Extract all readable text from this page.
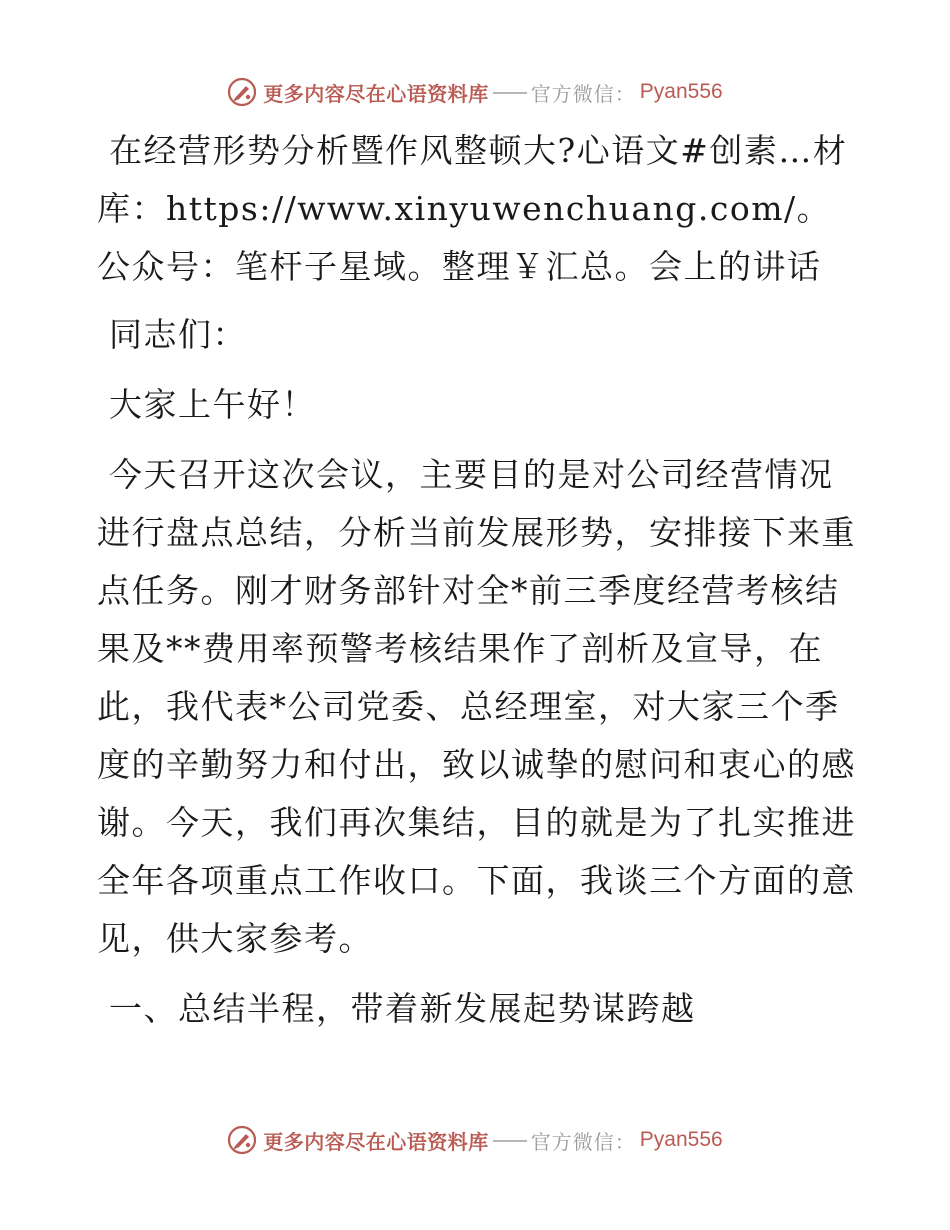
更多内容尽在心语资料库 官方微信： Pyan556

在经营形势分析暨作风整顿大?心语文#创素…材库：https://www.xinyuwenchuang.com/。公众号：笔杆子星域。整理￥汇总。会上的讲话

同志们：

大家上午好！

今天召开这次会议，主要目的是对公司经营情况进行盘点总结，分析当前发展形势，安排接下来重点任务。刚才财务部针对全*前三季度经营考核结果及**费用率预警考核结果作了剖析及宣导，在此，我代表*公司党委、总经理室，对大家三个季度的辛勤努力和付出，致以诚挚的慰问和衷心的感谢。今天，我们再次集结，目的就是为了扎实推进全年各项重点工作收口。下面，我谈三个方面的意见，供大家参考。

一、总结半程，带着新发展起势谋跨越

更多内容尽在心语资料库 官方微信： Pyan556
